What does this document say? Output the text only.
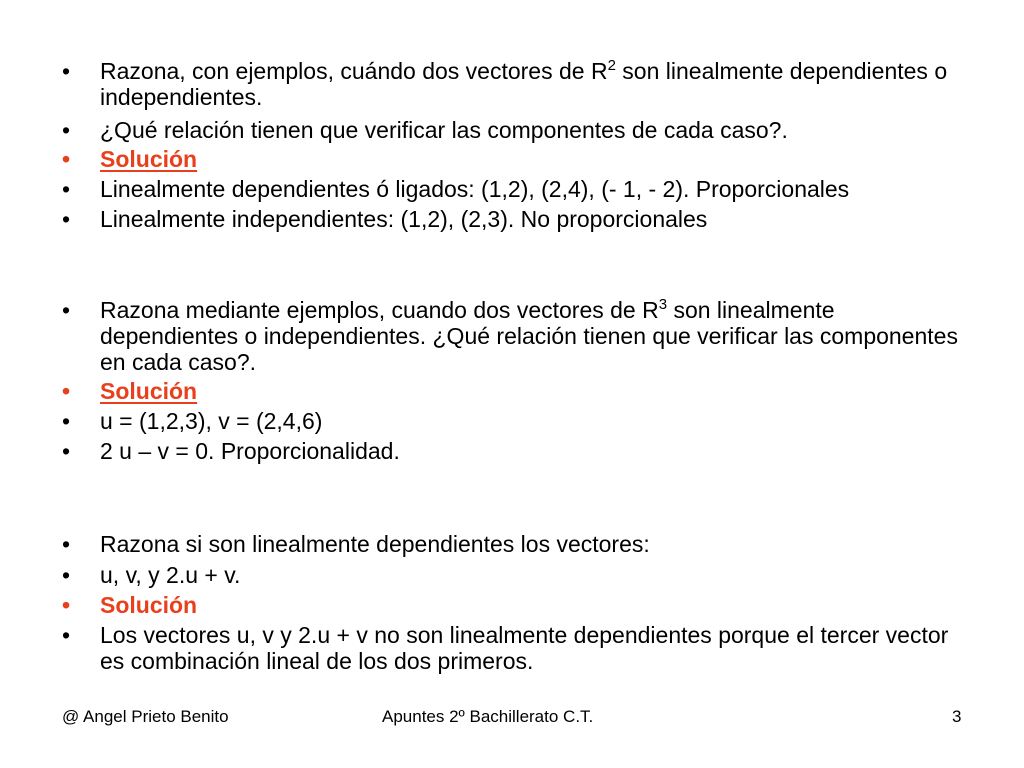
• Razona, con ejemplos, cuándo dos vectores de $R^2$ son linealmente dependientes o independientes.
• ¿Qué relación tienen que verificar las componentes de cada caso?.
• Solución
• Linealmente dependientes ó ligados: (1,2), (2,4), (- 1, - 2). Proporcionales
• Linealmente independientes: (1,2), (2,3). No proporcionales
• Razona mediante ejemplos, cuando dos vectores de $R^3$ son linealmente dependientes o independientes. ¿Qué relación tienen que verificar las componentes en cada caso?.
• Solución
• u = (1,2,3), v = (2,4,6)
• 2 u – v = 0. Proporcionalidad.
• Razona si son linealmente dependientes los vectores:
• u, v, y 2.u + v.
• Solución
• Los vectores u, v y 2.u + v no son linealmente dependientes porque el tercer vector es combinación lineal de los dos primeros.
@ Angel Prieto Benito	Apuntes 2º Bachillerato C.T.	3
